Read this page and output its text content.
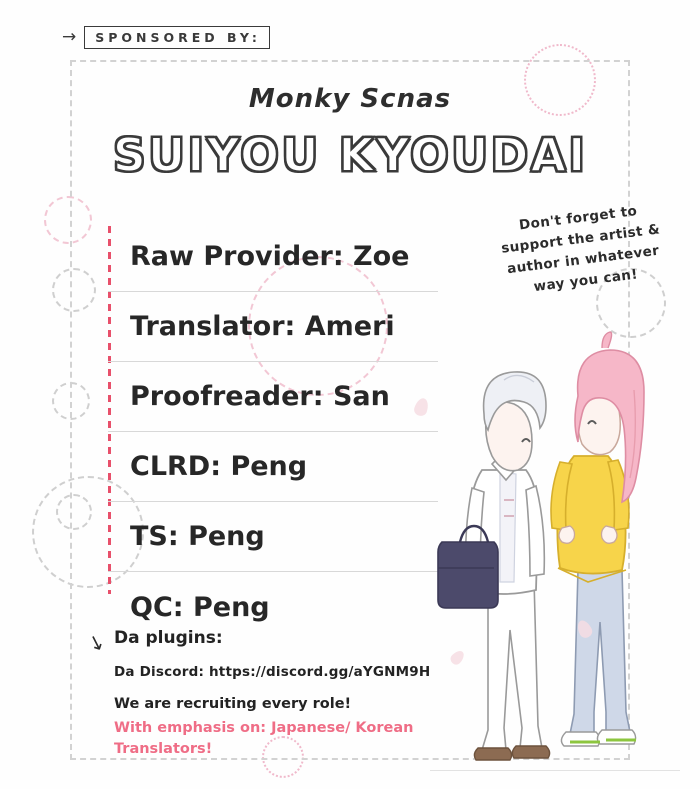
→	SPONSORED BY:
Monky Scnas
SUIYOU KYOUDAI
Raw Provider: Zoe
Translator: Ameri
Proofreader: San
CLRD: Peng
TS: Peng
QC: Peng
Don't forget to support the artist & author in whatever way you can!
↘ Da plugins:
Da Discord: https://discord.gg/aYGNM9H
We are recruiting every role!
With emphasis on: Japanese/ Korean Translators!
